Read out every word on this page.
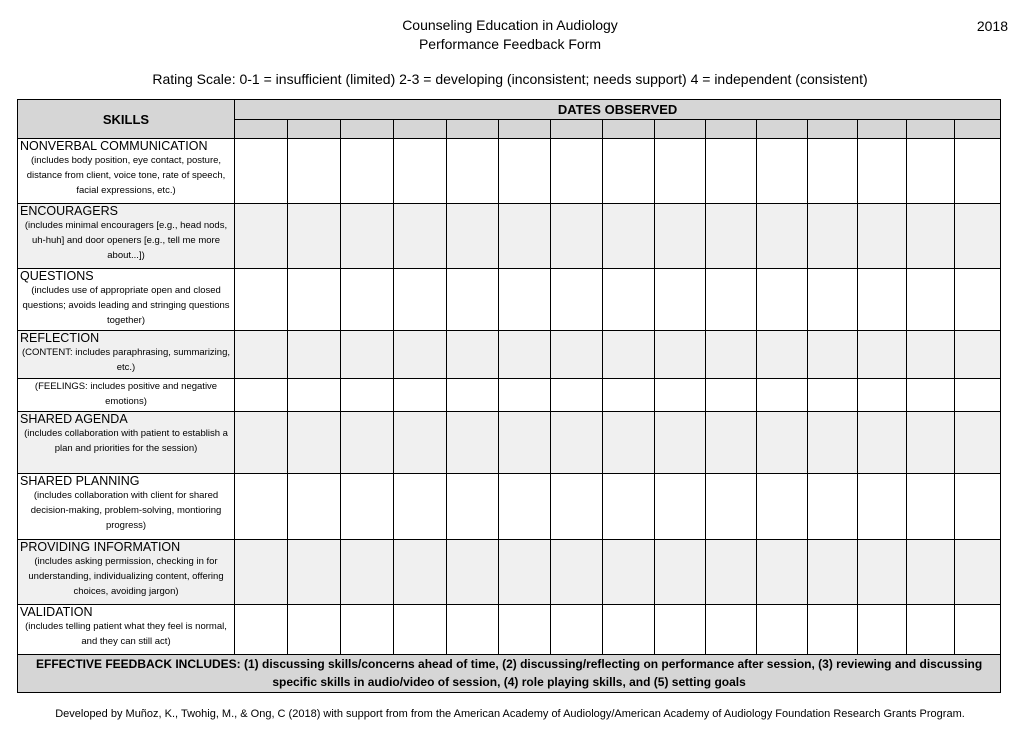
Counseling Education in Audiology
Performance Feedback Form
2018
Rating Scale: 0-1 = insufficient (limited) 2-3 = developing (inconsistent; needs support) 4 = independent (consistent)
SKILLS	DATES OBSERVED														

NONVERBAL COMMUNICATION
(includes body position, eye contact, posture, distance from client, voice tone, rate of speech, facial expressions, etc.)															

ENCOURAGERS
(includes minimal encouragers [e.g., head nods, uh-huh] and door openers [e.g., tell me more about...])															

QUESTIONS
(includes use of appropriate open and closed questions; avoids leading and stringing questions together)															

REFLECTION
(CONTENT: includes paraphrasing, summarizing, etc.)															
(FEELINGS: includes positive and negative emotions)															

SHARED AGENDA
(includes collaboration with patient to establish a plan and priorities for the session)															

SHARED PLANNING
(includes collaboration with client for shared decision-making, problem-solving, montioring progress)															

PROVIDING INFORMATION
(includes asking permission, checking in for understanding, individualizing content, offering choices, avoiding jargon)															

VALIDATION
(includes telling patient what they feel is normal, and they can still act)															
EFFECTIVE FEEDBACK INCLUDES: (1) discussing skills/concerns ahead of time, (2) discussing/reflecting on performance after session, (3) reviewing and discussing specific skills in audio/video of session, (4) role playing skills, and (5) setting goals															
Developed by Muñoz, K., Twohig, M., & Ong, C (2018) with support from from the American Academy of Audiology/American Academy of Audiology Foundation Research Grants Program.
